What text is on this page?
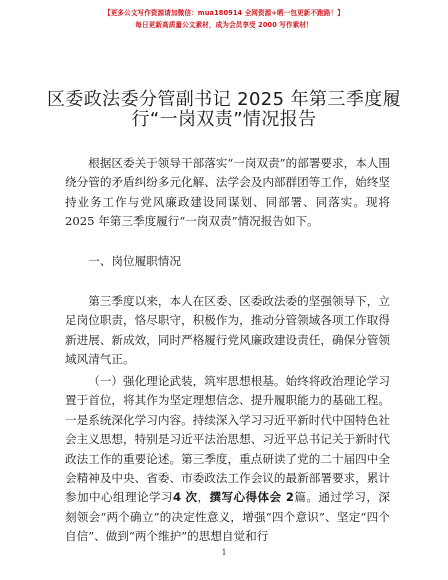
【更多公文写作资源请加微信：mua180914 全网资源+晒一包更新不跑路！】
每日更新高质量公文素材，成为会员享受 2000 写作素材！
区委政法委分管副书记 2025 年第三季度履
行“一岗双责”情况报告

根据区委关于领导干部落实“一岗双责”的部署要求，本人围绕分管的矛盾纠纷多元化解、法学会及内部群团等工作，始终坚持业务工作与党风廉政建设同谋划、同部署、同落实。现将 2025 年第三季度履行“一岗双责”情况报告如下。

一、岗位履职情况

第三季度以来，本人在区委、区委政法委的坚强领导下，立足岗位职责，恪尽职守，积极作为，推动分管领域各项工作取得新进展、新成效，同时严格履行党风廉政建设责任，确保分管领域风清气正。

（一）强化理论武装，筑牢思想根基。始终将政治理论学习置于首位，将其作为坚定理想信念、提升履职能力的基础工程。一是系统深化学习内容。持续深入学习习近平新时代中国特色社会主义思想，特别是习近平法治思想、习近平总书记关于新时代政法工作的重要论述。第三季度，重点研读了党的二十届四中全会精神及中央、省委、市委政法工作会议的最新部署要求，累计参加中心组理论学习4 次，撰写心得体会 2篇。通过学习，深刻领会“两个确立”的决定性意义，增强“四个意识”、坚定“四个自信”、做到“两个维护”的思想自觉和行

1
